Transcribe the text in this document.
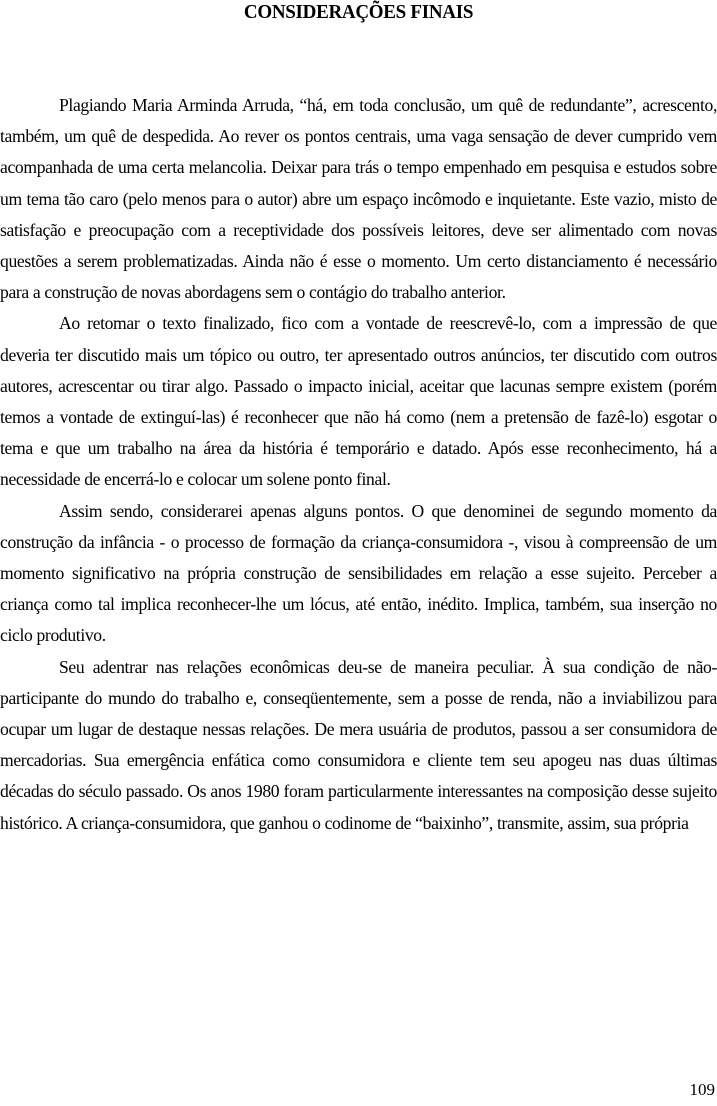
CONSIDERAÇÕES FINAIS

Plagiando Maria Arminda Arruda, “há, em toda conclusão, um quê de redundante”, acrescento, também, um quê de despedida. Ao rever os pontos centrais, uma vaga sensação de dever cumprido vem acompanhada de uma certa melancolia. Deixar para trás o tempo empenhado em pesquisa e estudos sobre um tema tão caro (pelo menos para o autor) abre um espaço incômodo e inquietante. Este vazio, misto de satisfação e preocupação com a receptividade dos possíveis leitores, deve ser alimentado com novas questões a serem problematizadas. Ainda não é esse o momento. Um certo distanciamento é necessário para a construção de novas abordagens sem o contágio do trabalho anterior.

Ao retomar o texto finalizado, fico com a vontade de reescrevê-lo, com a impressão de que deveria ter discutido mais um tópico ou outro, ter apresentado outros anúncios, ter discutido com outros autores, acrescentar ou tirar algo. Passado o impacto inicial, aceitar que lacunas sempre existem (porém temos a vontade de extinguí-las) é reconhecer que não há como (nem a pretensão de fazê-lo) esgotar o tema e que um trabalho na área da história é temporário e datado. Após esse reconhecimento, há a necessidade de encerrá-lo e colocar um solene ponto final.

Assim sendo, considerarei apenas alguns pontos. O que denominei de segundo momento da construção da infância - o processo de formação da criança-consumidora -, visou à compreensão de um momento significativo na própria construção de sensibilidades em relação a esse sujeito. Perceber a criança como tal implica reconhecer-lhe um lócus, até então, inédito. Implica, também, sua inserção no ciclo produtivo.

Seu adentrar nas relações econômicas deu-se de maneira peculiar. À sua condição de não-participante do mundo do trabalho e, conseqüentemente, sem a posse de renda, não a inviabilizou para ocupar um lugar de destaque nessas relações. De mera usuária de produtos, passou a ser consumidora de mercadorias. Sua emergência enfática como consumidora e cliente tem seu apogeu nas duas últimas décadas do século passado. Os anos 1980 foram particularmente interessantes na composição desse sujeito histórico. A criança-consumidora, que ganhou o codinome de “baixinho”, transmite, assim, sua própria

109
